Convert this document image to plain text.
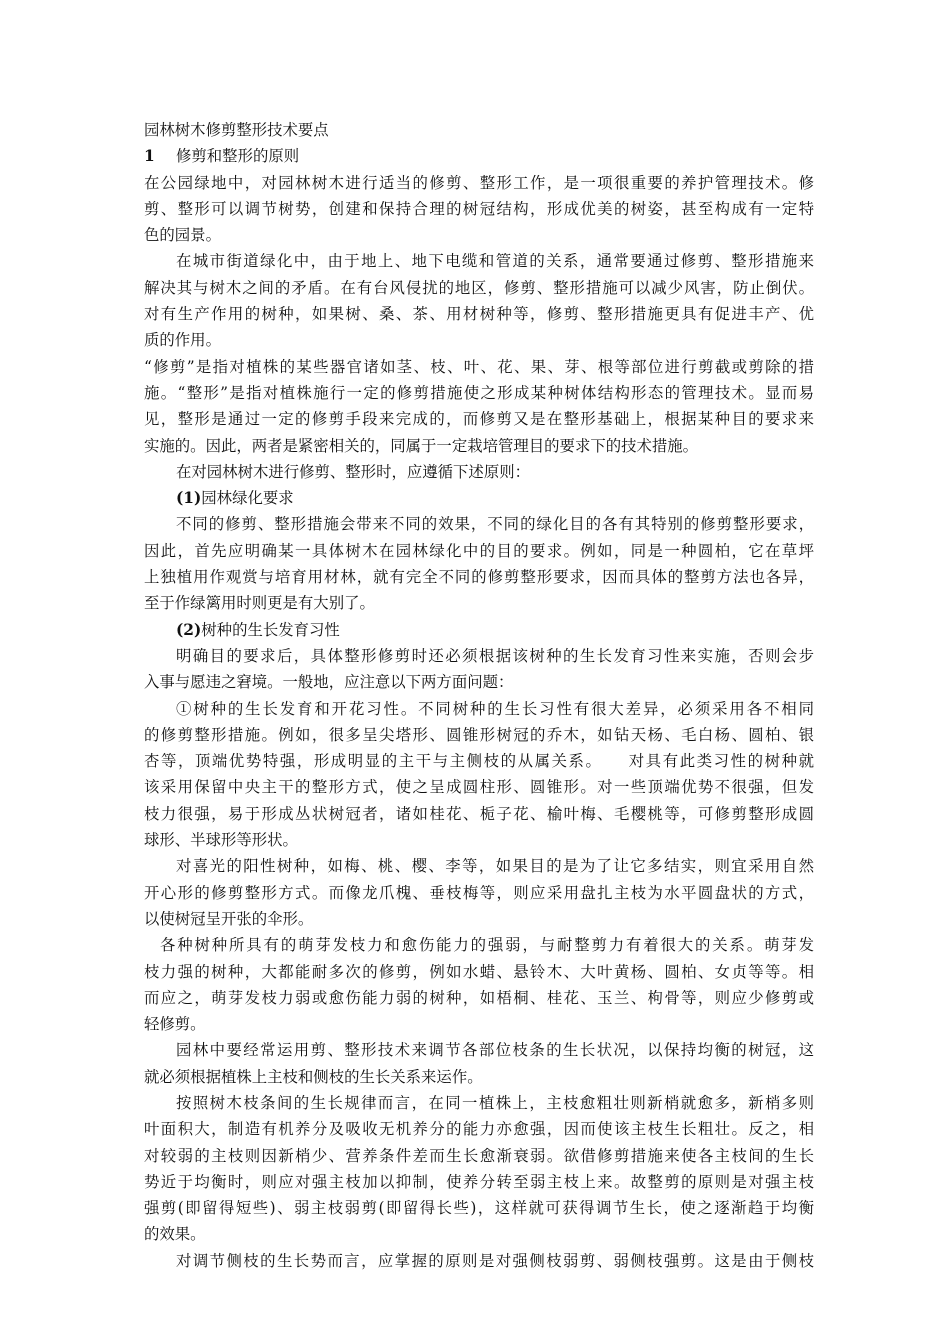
园林树木修剪整形技术要点
1 修剪和整形的原则
在公园绿地中，对园林树木进行适当的修剪、整形工作，是一项很重要的养护管理技术。修
剪、整形可以调节树势，创建和保持合理的树冠结构，形成优美的树姿，甚至构成有一定特
色的园景。
在城市街道绿化中，由于地上、地下电缆和管道的关系，通常要通过修剪、整形措施来
解决其与树木之间的矛盾。在有台风侵扰的地区，修剪、整形措施可以减少风害，防止倒伏。
对有生产作用的树种，如果树、桑、茶、用材树种等，修剪、整形措施更具有促进丰产、优
质的作用。
“修剪”是指对植株的某些器官诸如茎、枝、叶、花、果、芽、根等部位进行剪截或剪除的措
施。“整形”是指对植株施行一定的修剪措施使之形成某种树体结构形态的管理技术。显而易
见，整形是通过一定的修剪手段来完成的，而修剪又是在整形基础上，根据某种目的要求来
实施的。因此，两者是紧密相关的，同属于一定栽培管理目的要求下的技术措施。
在对园林树木进行修剪、整形时，应遵循下述原则：
(1)园林绿化要求
不同的修剪、整形措施会带来不同的效果，不同的绿化目的各有其特别的修剪整形要求，
因此，首先应明确某一具体树木在园林绿化中的目的要求。例如，同是一种圆柏，它在草坪
上独植用作观赏与培育用材林，就有完全不同的修剪整形要求，因而具体的整剪方法也各异，
至于作绿篱用时则更是有大别了。
(2)树种的生长发育习性
明确目的要求后，具体整形修剪时还必须根据该树种的生长发育习性来实施，否则会步
入事与愿违之窘境。一般地，应注意以下两方面问题：
①树种的生长发育和开花习性。不同树种的生长习性有很大差异，必须采用各不相同
的修剪整形措施。例如，很多呈尖塔形、圆锥形树冠的乔木，如钻天杨、毛白杨、圆柏、银
杏等，顶端优势特强，形成明显的主干与主侧枝的从属关系。　　对具有此类习性的树种就
该采用保留中央主干的整形方式，使之呈成圆柱形、圆锥形。对一些顶端优势不很强，但发
枝力很强，易于形成丛状树冠者，诸如桂花、栀子花、榆叶梅、毛樱桃等，可修剪整形成圆
球形、半球形等形状。
对喜光的阳性树种，如梅、桃、樱、李等，如果目的是为了让它多结实，则宜采用自然
开心形的修剪整形方式。而像龙爪槐、垂枝梅等，则应采用盘扎主枝为水平圆盘状的方式，
以使树冠呈开张的伞形。
各种树种所具有的萌芽发枝力和愈伤能力的强弱，与耐整剪力有着很大的关系。萌芽发
枝力强的树种，大都能耐多次的修剪，例如水蜡、悬铃木、大叶黄杨、圆柏、女贞等等。相
而应之，萌芽发枝力弱或愈伤能力弱的树种，如梧桐、桂花、玉兰、枸骨等，则应少修剪或
轻修剪。
园林中要经常运用剪、整形技术来调节各部位枝条的生长状况，以保持均衡的树冠，这
就必须根据植株上主枝和侧枝的生长关系来运作。
按照树木枝条间的生长规律而言，在同一植株上，主枝愈粗壮则新梢就愈多，新梢多则
叶面积大，制造有机养分及吸收无机养分的能力亦愈强，因而使该主枝生长粗壮。反之，相
对较弱的主枝则因新梢少、营养条件差而生长愈渐衰弱。欲借修剪措施来使各主枝间的生长
势近于均衡时，则应对强主枝加以抑制，使养分转至弱主枝上来。故整剪的原则是对强主枝
强剪(即留得短些)、弱主枝弱剪(即留得长些)，这样就可获得调节生长，使之逐渐趋于均衡
的效果。
对调节侧枝的生长势而言，应掌握的原则是对强侧枝弱剪、弱侧枝强剪。这是由于侧枝
